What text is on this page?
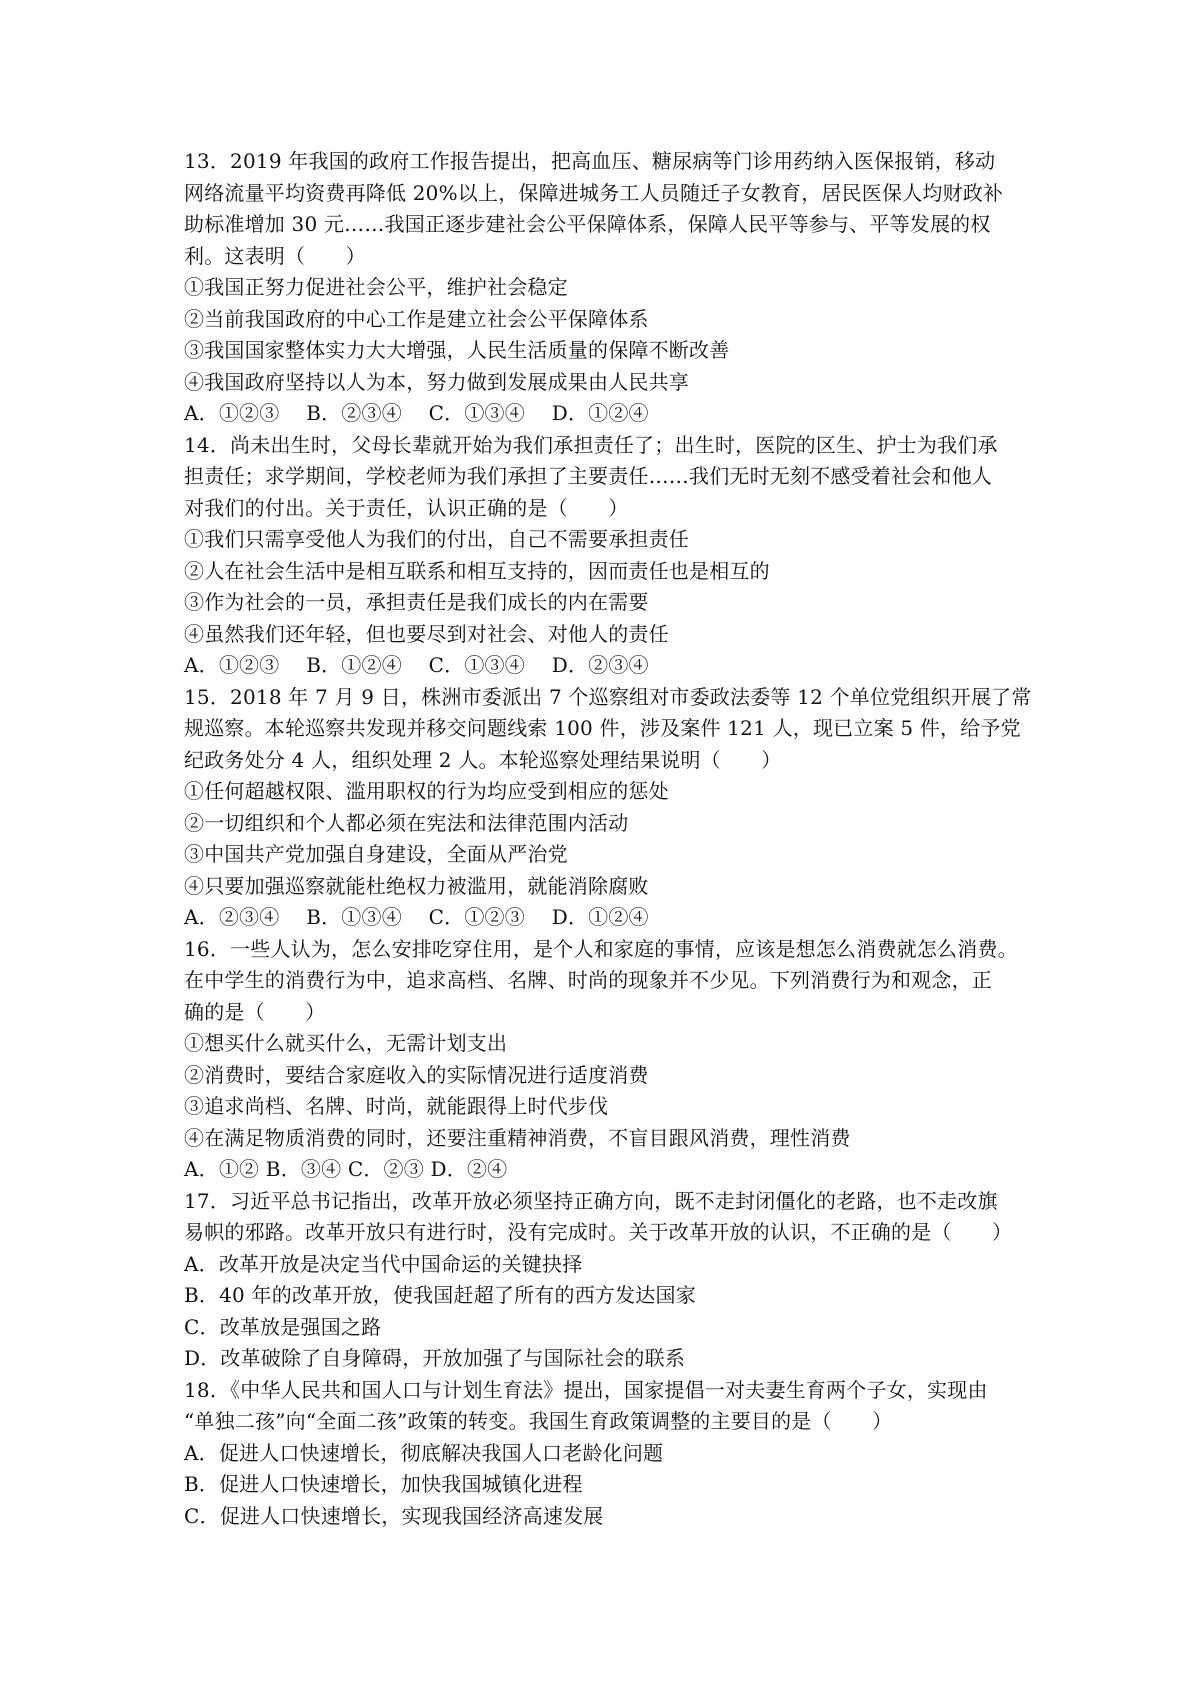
13．2019 年我国的政府工作报告提出，把高血压、糖尿病等门诊用药纳入医保报销，移动
网络流量平均资费再降低 20%以上，保障进城务工人员随迁子女教育，居民医保人均财政补
助标准增加 30 元……我国正逐步建社会公平保障体系，保障人民平等参与、平等发展的权
利。这表明（　　）
①我国正努力促进社会公平，维护社会稳定
②当前我国政府的中心工作是建立社会公平保障体系
③我国国家整体实力大大增强，人民生活质量的保障不断改善
④我国政府坚持以人为本，努力做到发展成果由人民共享
A．①②③　 B．②③④　 C．①③④　 D．①②④
14．尚未出生时，父母长辈就开始为我们承担责任了；出生时，医院的区生、护士为我们承
担责任；求学期间，学校老师为我们承担了主要责任……我们无时无刻不感受着社会和他人
对我们的付出。关于责任，认识正确的是（　　）
①我们只需享受他人为我们的付出，自己不需要承担责任
②人在社会生活中是相互联系和相互支持的，因而责任也是相互的
③作为社会的一员，承担责任是我们成长的内在需要
④虽然我们还年轻，但也要尽到对社会、对他人的责任
A．①②③　 B．①②④　 C．①③④　 D．②③④
15．2018 年 7 月 9 日，株洲市委派出 7 个巡察组对市委政法委等 12 个单位党组织开展了常
规巡察。本轮巡察共发现并移交问题线索 100 件，涉及案件 121 人，现已立案 5 件，给予党
纪政务处分 4 人，组织处理 2 人。本轮巡察处理结果说明（　　）
①任何超越权限、滥用职权的行为均应受到相应的惩处
②一切组织和个人都必须在宪法和法律范围内活动
③中国共产党加强自身建设，全面从严治党
④只要加强巡察就能杜绝权力被滥用，就能消除腐败
A．②③④　 B．①③④　 C．①②③　 D．①②④
16．一些人认为，怎么安排吃穿住用，是个人和家庭的事情，应该是想怎么消费就怎么消费。
在中学生的消费行为中，追求高档、名牌、时尚的现象并不少见。下列消费行为和观念，正
确的是（　　）
①想买什么就买什么，无需计划支出
②消费时，要结合家庭收入的实际情况进行适度消费
③追求尚档、名牌、时尚，就能跟得上时代步伐
④在满足物质消费的同时，还要注重精神消费，不盲目跟风消费，理性消费
A．①② B．③④ C．②③ D．②④
17．习近平总书记指出，改革开放必须坚持正确方向，既不走封闭僵化的老路，也不走改旗
易帜的邪路。改革开放只有进行时，没有完成时。关于改革开放的认识，不正确的是（　　）
A．改革开放是决定当代中国命运的关键抉择
B．40 年的改革开放，使我国赶超了所有的西方发达国家
C．改革放是强国之路
D．改革破除了自身障碍，开放加强了与国际社会的联系
18．《中华人民共和国人口与计划生育法》提出，国家提倡一对夫妻生育两个子女，实现由
“单独二孩”向“全面二孩”政策的转变。我国生育政策调整的主要目的是（　　）
A．促进人口快速增长，彻底解决我国人口老龄化问题
B．促进人口快速增长，加快我国城镇化进程
C．促进人口快速增长，实现我国经济高速发展
